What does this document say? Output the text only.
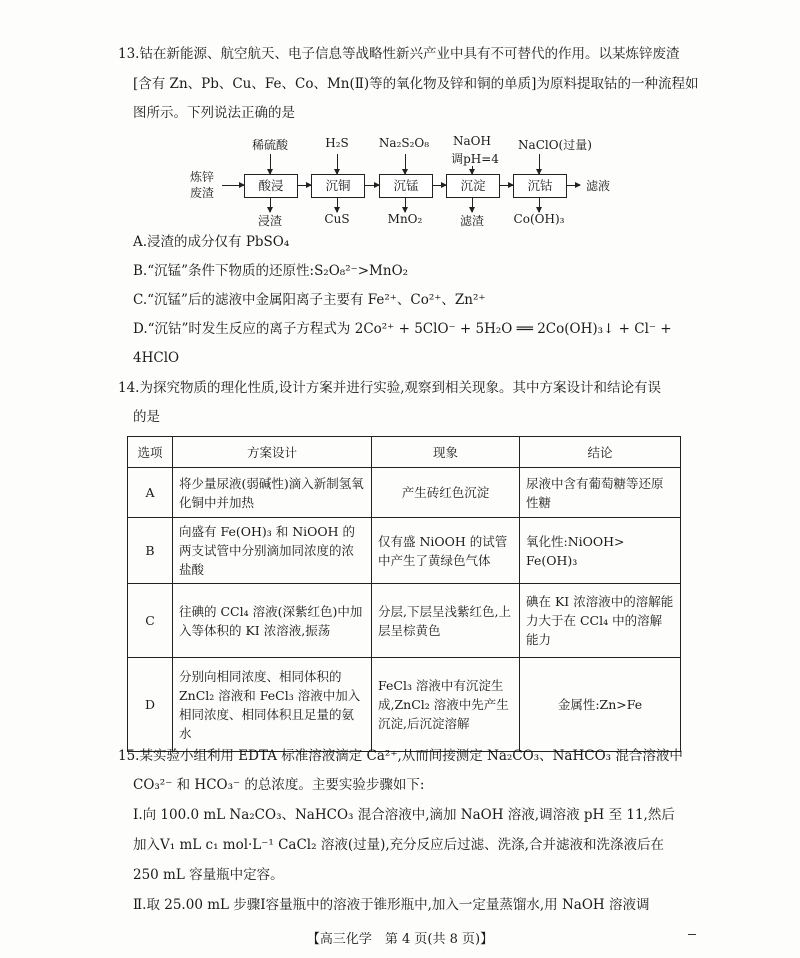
13.钴在新能源、航空航天、电子信息等战略性新兴产业中具有不可替代的作用。以某炼锌废渣
[含有 Zn、Pb、Cu、Fe、Co、Mn(Ⅱ)等的氧化物及锌和铜的单质]为原料提取钴的一种流程如
图所示。下列说法正确的是
炼锌
废渣
稀硫酸
酸浸
浸渣
H₂S
沉铜
CuS
Na₂S₂O₈
沉锰
MnO₂
NaOH
调pH=4
沉淀
滤渣
NaClO(过量)
沉钴
Co(OH)₃
滤液
A.浸渣的成分仅有 PbSO₄
B.“沉锰”条件下物质的还原性:S₂O₈²⁻>MnO₂
C.“沉锰”后的滤液中金属阳离子主要有 Fe²⁺、Co²⁺、Zn²⁺
D.“沉钴”时发生反应的离子方程式为 2Co²⁺ + 5ClO⁻ + 5H₂O ══ 2Co(OH)₃↓ + Cl⁻ +
4HClO
14.为探究物质的理化性质,设计方案并进行实验,观察到相关现象。其中方案设计和结论有误
的是
选项	方案设计	现象	结论
A	将少量尿液(弱碱性)滴入新制氢氧化铜中并加热	产生砖红色沉淀	尿液中含有葡萄糖等还原性糖
B	向盛有 Fe(OH)₃ 和 NiOOH 的两支试管中分别滴加同浓度的浓盐酸	仅有盛 NiOOH 的试管中产生了黄绿色气体	氧化性:NiOOH> Fe(OH)₃
C	往碘的 CCl₄ 溶液(深紫红色)中加入等体积的 KI 浓溶液,振荡	分层,下层呈浅紫红色,上层呈棕黄色	碘在 KI 浓溶液中的溶解能力大于在 CCl₄ 中的溶解能力
D	分别向相同浓度、相同体积的 ZnCl₂ 溶液和 FeCl₃ 溶液中加入相同浓度、相同体积且足量的氨水	FeCl₃ 溶液中有沉淀生成,ZnCl₂ 溶液中先产生沉淀,后沉淀溶解	金属性:Zn>Fe
15.某实验小组利用 EDTA 标准溶液滴定 Ca²⁺,从而间接测定 Na₂CO₃、NaHCO₃ 混合溶液中
CO₃²⁻ 和 HCO₃⁻ 的总浓度。主要实验步骤如下:
Ⅰ.向 100.0 mL Na₂CO₃、NaHCO₃ 混合溶液中,滴加 NaOH 溶液,调溶液 pH 至 11,然后
加入V₁ mL c₁ mol·L⁻¹ CaCl₂ 溶液(过量),充分反应后过滤、洗涤,合并滤液和洗涤液后在
250 mL 容量瓶中定容。
Ⅱ.取 25.00 mL 步骤Ⅰ容量瓶中的溶液于锥形瓶中,加入一定量蒸馏水,用 NaOH 溶液调
【高三化学　第 4 页(共 8 页)】
